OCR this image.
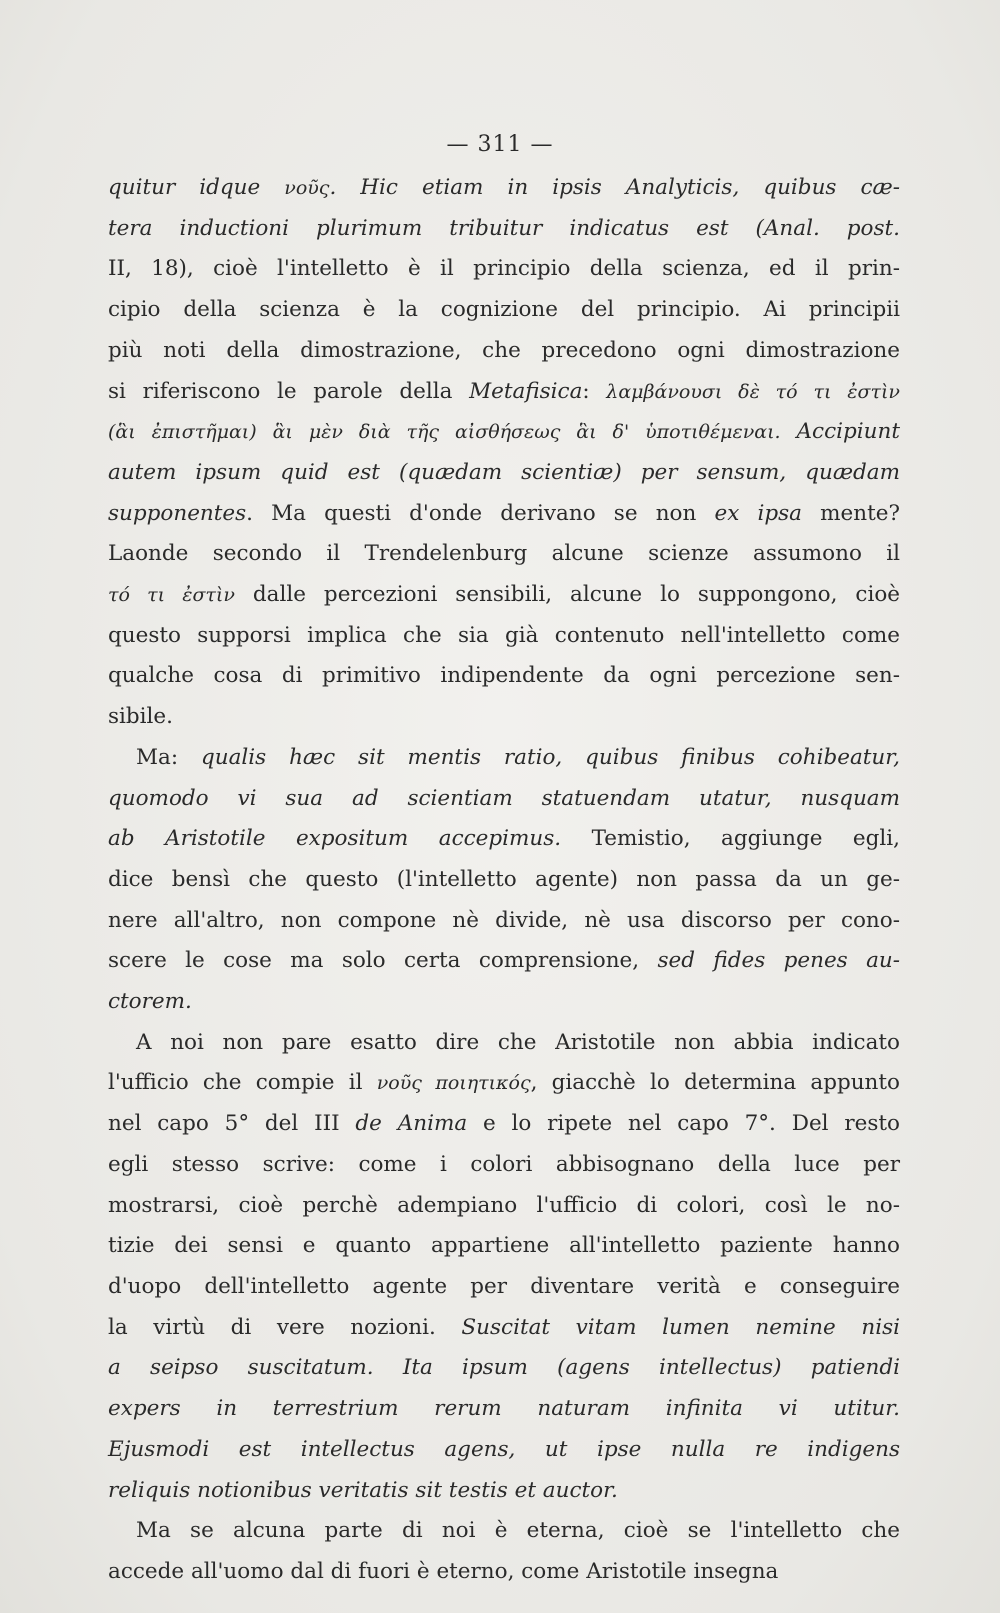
— 311 —
quitur idque νοῦς. Hic etiam in ipsis Analyticis, quibus cæ-
tera inductioni plurimum tribuitur indicatus est (Anal. post.
II, 18), cioè l'intelletto è il principio della scienza, ed il prin-
cipio della scienza è la cognizione del principio. Ai principii
più noti della dimostrazione, che precedono ogni dimostrazione
si riferiscono le parole della Metafisica: λαμβάνουσι δὲ τό τι ἐστὶν
(ἃι ἐπιστῆμαι) ἃι μὲν διὰ τῆς αἰσθήσεως ἃι δ' ὑποτιθέμεναι. Accipiunt
autem ipsum quid est (quædam scientiæ) per sensum, quædam
supponentes. Ma questi d'onde derivano se non ex ipsa mente?
Laonde secondo il Trendelenburg alcune scienze assumono il
τό τι ἐστὶν dalle percezioni sensibili, alcune lo suppongono, cioè
questo supporsi implica che sia già contenuto nell'intelletto come
qualche cosa di primitivo indipendente da ogni percezione sen-
sibile.
Ma: qualis hæc sit mentis ratio, quibus finibus cohibeatur,
quomodo vi sua ad scientiam statuendam utatur, nusquam
ab Aristotile expositum accepimus. Temistio, aggiunge egli,
dice bensì che questo (l'intelletto agente) non passa da un ge-
nere all'altro, non compone nè divide, nè usa discorso per cono-
scere le cose ma solo certa comprensione, sed fides penes au-
ctorem.
A noi non pare esatto dire che Aristotile non abbia indicato
l'ufficio che compie il νοῦς ποιητικός, giacchè lo determina appunto
nel capo 5° del III de Anima e lo ripete nel capo 7°. Del resto
egli stesso scrive: come i colori abbisognano della luce per
mostrarsi, cioè perchè adempiano l'ufficio di colori, così le no-
tizie dei sensi e quanto appartiene all'intelletto paziente hanno
d'uopo dell'intelletto agente per diventare verità e conseguire
la virtù di vere nozioni. Suscitat vitam lumen nemine nisi
a seipso suscitatum. Ita ipsum (agens intellectus) patiendi
expers in terrestrium rerum naturam infinita vi utitur.
Ejusmodi est intellectus agens, ut ipse nulla re indigens
reliquis notionibus veritatis sit testis et auctor.
Ma se alcuna parte di noi è eterna, cioè se l'intelletto che
accede all'uomo dal di fuori è eterno, come Aristotile insegna
